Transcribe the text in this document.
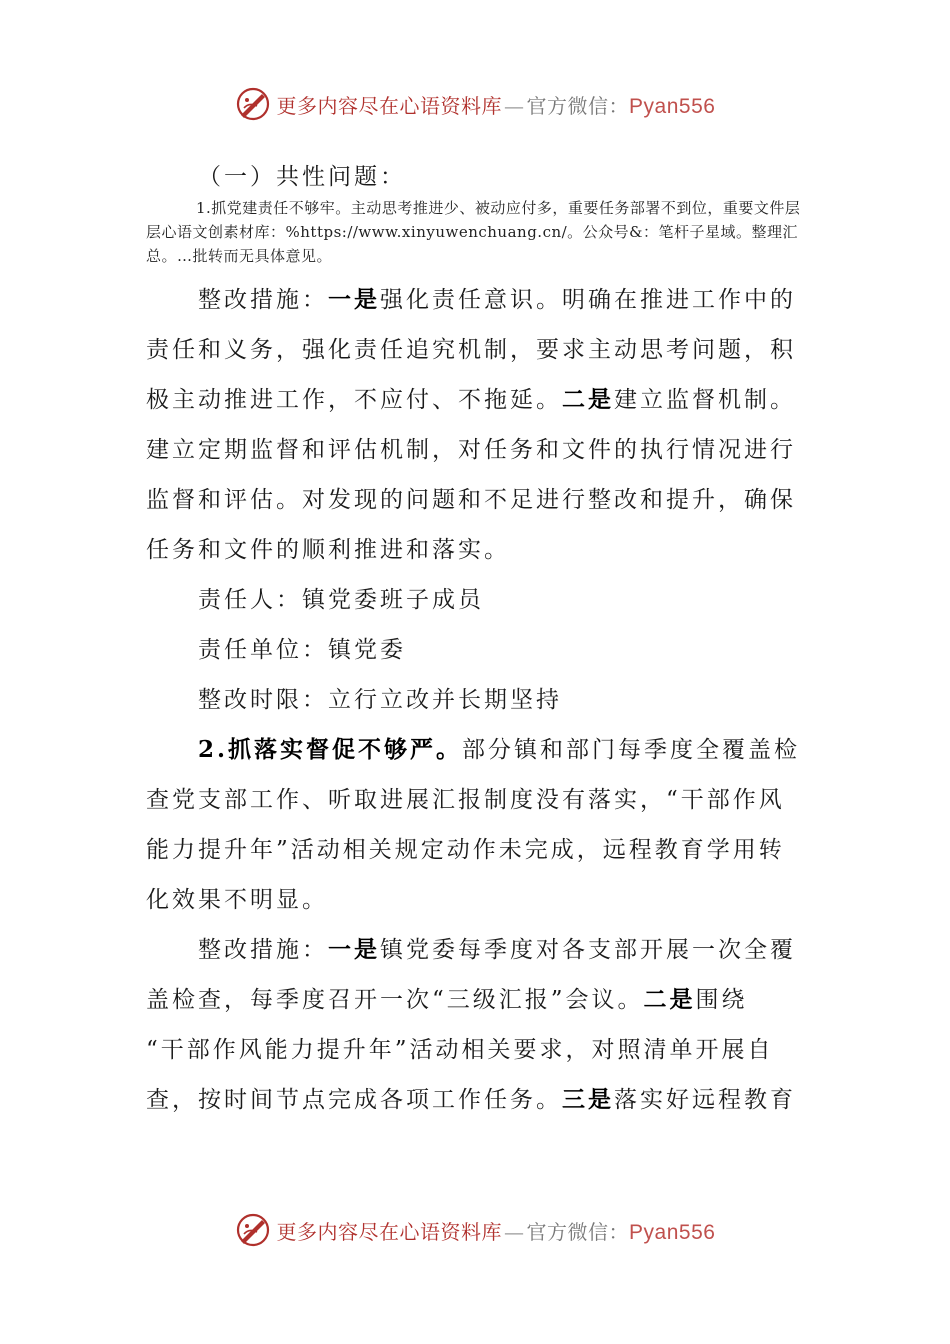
更多内容尽在心语资料库 — 官方微信：Pyan556
（一）共性问题：
1.抓党建责任不够牢。主动思考推进少、被动应付多，重要任务部署不到位，重要文件层层心语文创素材库：%https://www.xinyuwenchuang.cn/。公众号&：笔杆子星域。整理汇总。…批转而无具体意见。
整改措施：一是强化责任意识。明确在推进工作中的
责任和义务，强化责任追究机制，要求主动思考问题，积
极主动推进工作，不应付、不拖延。二是建立监督机制。
建立定期监督和评估机制，对任务和文件的执行情况进行
监督和评估。对发现的问题和不足进行整改和提升，确保
任务和文件的顺利推进和落实。
责任人：镇党委班子成员
责任单位：镇党委
整改时限：立行立改并长期坚持
2.抓落实督促不够严。部分镇和部门每季度全覆盖检
查党支部工作、听取进展汇报制度没有落实，“干部作风
能力提升年”活动相关规定动作未完成，远程教育学用转
化效果不明显。
整改措施：一是镇党委每季度对各支部开展一次全覆
盖检查，每季度召开一次“三级汇报”会议。二是围绕
“干部作风能力提升年”活动相关要求，对照清单开展自
查，按时间节点完成各项工作任务。三是落实好远程教育
更多内容尽在心语资料库 — 官方微信：Pyan556
